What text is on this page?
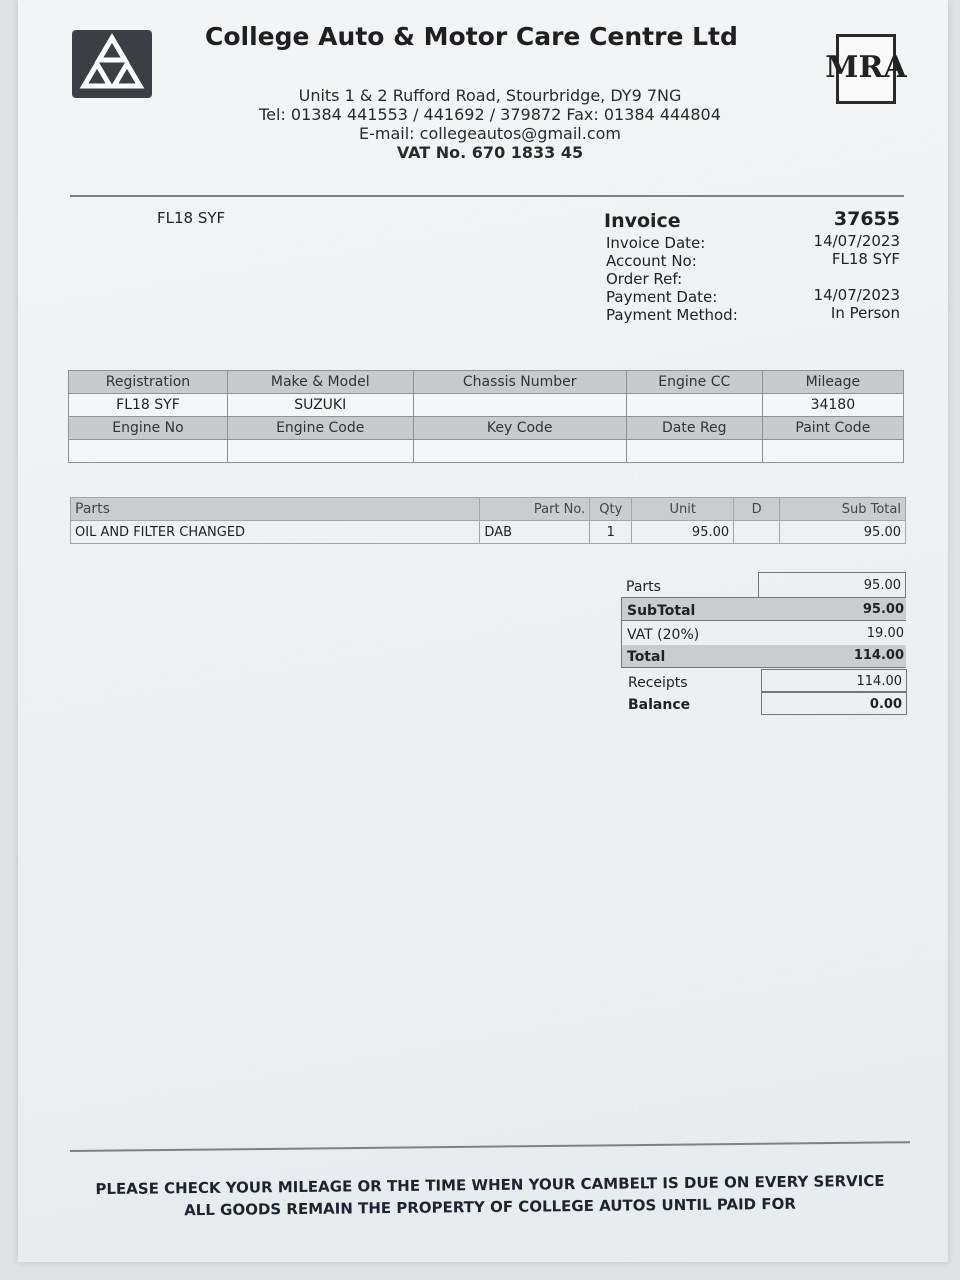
MRA
College Auto & Motor Care Centre Ltd
Units 1 & 2 Rufford Road, Stourbridge, DY9 7NG
Tel: 01384 441553 / 441692 / 379872 Fax: 01384 444804
E-mail: collegeautos@gmail.com
VAT No. 670 1833 45
FL18 SYF	Invoice	37655
Invoice Date:	14/07/2023
Account No:	FL18 SYF
Order Ref:
Payment Date:	14/07/2023
Payment Method:	In Person
Registration	Make & Model	Chassis Number	Engine CC	Mileage
FL18 SYF	SUZUKI			34180
Engine No	Engine Code	Key Code	Date Reg	Paint Code

Parts	Part No.	Qty	Unit	D	Sub Total
OIL AND FILTER CHANGED	DAB	1	95.00		95.00
Parts	95.00
SubTotal	95.00
VAT (20%)	19.00
Total	114.00
Receipts	114.00
Balance	0.00
PLEASE CHECK YOUR MILEAGE OR THE TIME WHEN YOUR CAMBELT IS DUE ON EVERY SERVICE
ALL GOODS REMAIN THE PROPERTY OF COLLEGE AUTOS UNTIL PAID FOR
